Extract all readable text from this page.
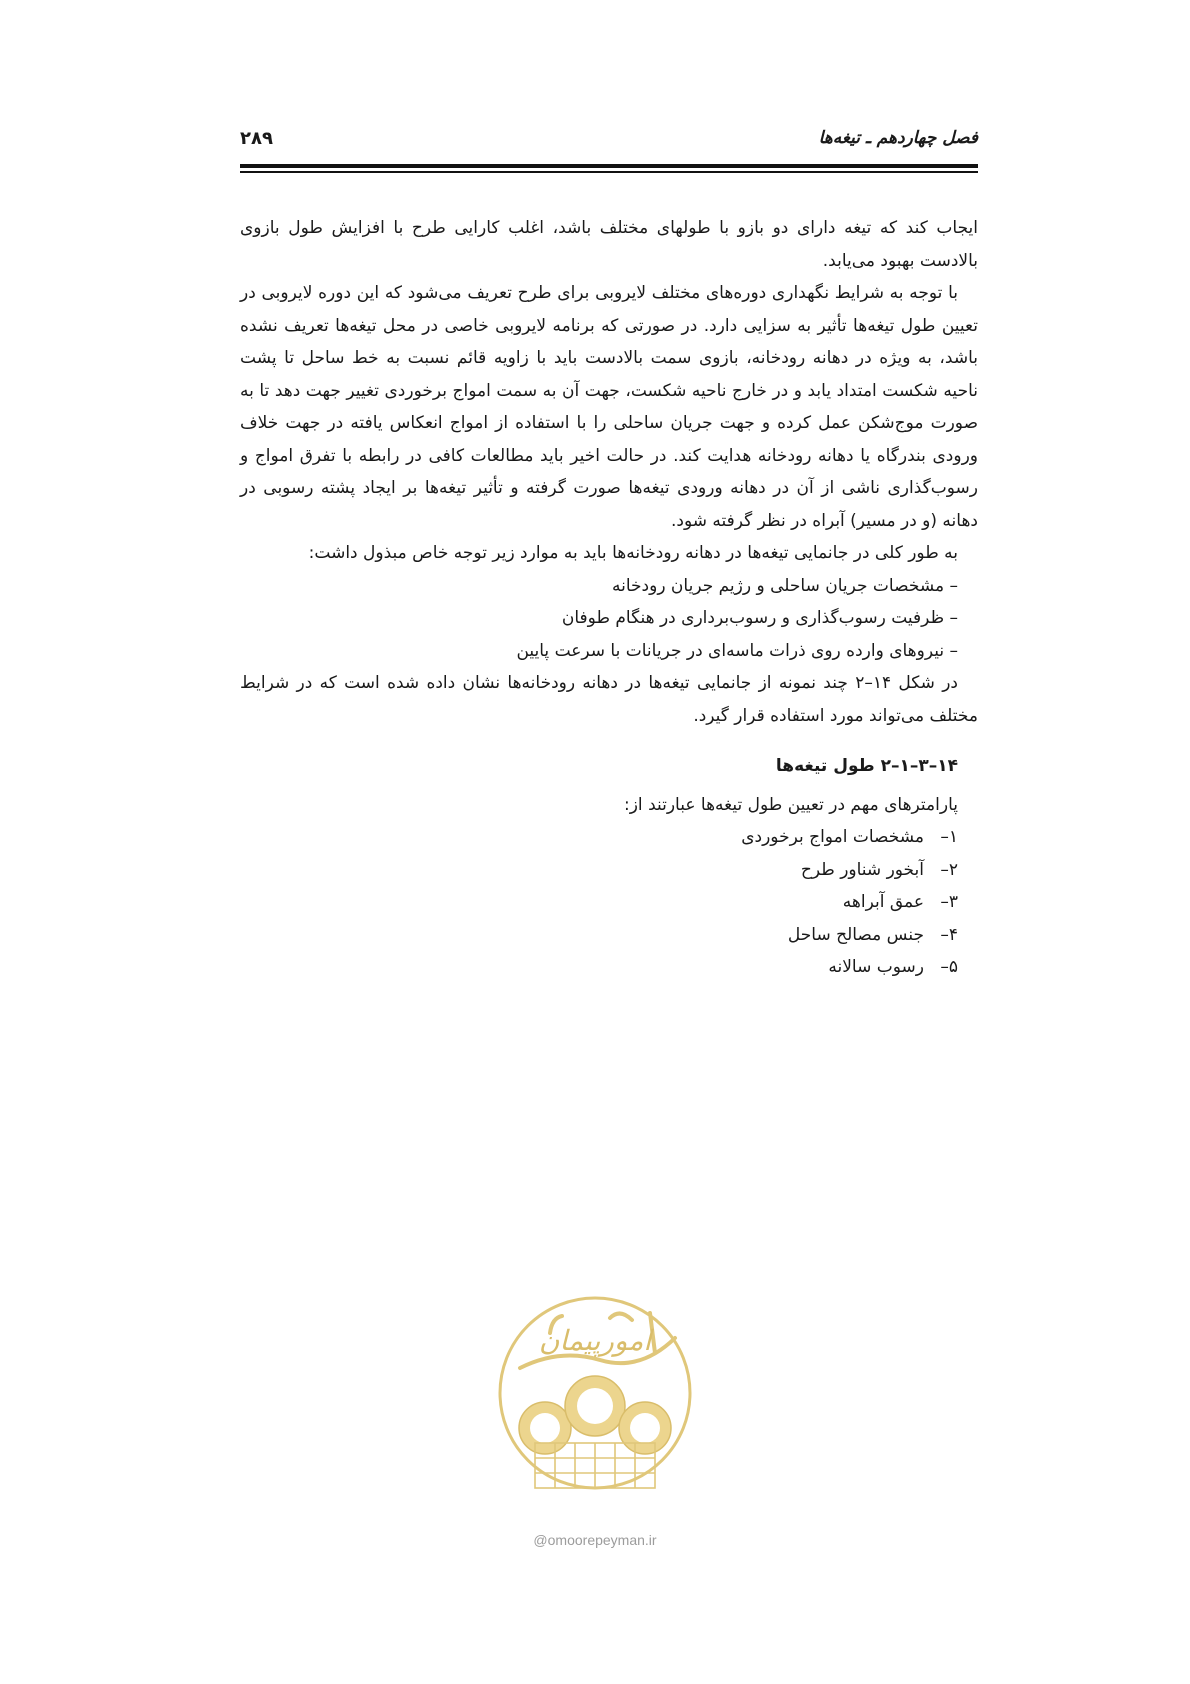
فصل چهاردهم ـ تیغه‌ها
۲۸۹

ایجاب کند که تیغه دارای دو بازو با طولهای مختلف باشد، اغلب کارایی طرح با افزایش طول بازوی بالادست بهبود می‌یابد.

با توجه به شرایط نگهداری دوره‌های مختلف لایروبی برای طرح تعریف می‌شود که این دوره لایروبی در تعیین طول تیغه‌ها تأثیر به سزایی دارد. در صورتی که برنامه لایروبی خاصی در محل تیغه‌ها تعریف نشده باشد، به ویژه در دهانه رودخانه، بازوی سمت بالادست باید با زاویه قائم نسبت به خط ساحل تا پشت ناحیه شکست امتداد یابد و در خارج ناحیه شکست، جهت آن به سمت امواج برخوردی تغییر جهت دهد تا به صورت موج‌شکن عمل کرده و جهت جریان ساحلی را با استفاده از امواج انعکاس یافته در جهت خلاف ورودی بندرگاه یا دهانه رودخانه هدایت کند. در حالت اخیر باید مطالعات کافی در رابطه با تفرق امواج و رسوب‌گذاری ناشی از آن در دهانه ورودی تیغه‌ها صورت گرفته و تأثیر تیغه‌ها بر ایجاد پشته رسوبی در دهانه (و در مسیر) آبراه در نظر گرفته شود.

به طور کلی در جانمایی تیغه‌ها در دهانه رودخانه‌ها باید به موارد زیر توجه خاص مبذول داشت:

– مشخصات جریان ساحلی و رژیم جریان رودخانه

– ظرفیت رسوب‌گذاری و رسوب‌برداری در هنگام طوفان

– نیروهای وارده روی ذرات ماسه‌ای در جریانات با سرعت پایین

در شکل ۱۴–۲ چند نمونه از جانمایی تیغه‌ها در دهانه رودخانه‌ها نشان داده شده است که در شرایط مختلف می‌تواند مورد استفاده قرار گیرد.

۱۴–۳–۱–۲ طول تیغه‌ها

پارامترهای مهم در تعیین طول تیغه‌ها عبارتند از:

۱–
مشخصات امواج برخوردی

۲–
آبخور شناور طرح

۳–
عمق آبراهه

۴–
جنس مصالح ساحل

۵–
رسوب سالانه

امورپیمان
@omoorepeyman.ir
